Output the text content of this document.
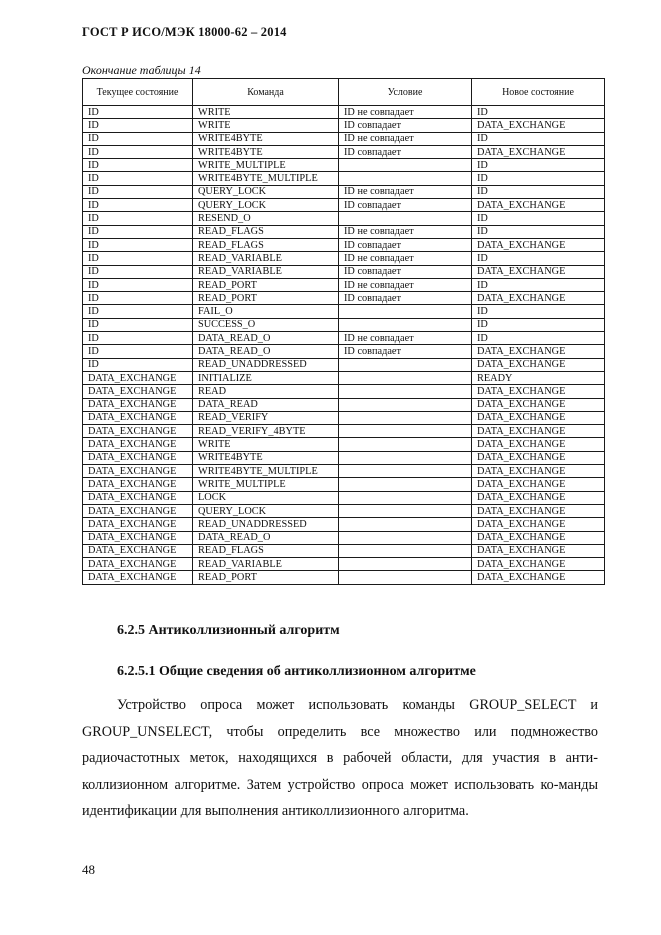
ГОСТ Р ИСО/МЭК 18000-62 – 2014
Окончание таблицы 14
Текущее состояние	Команда	Условие	Новое состояние
ID	WRITE	ID не совпадает	ID
ID	WRITE	ID совпадает	DATA_EXCHANGE
ID	WRITE4BYTE	ID не совпадает	ID
ID	WRITE4BYTE	ID совпадает	DATA_EXCHANGE
ID	WRITE_MULTIPLE		ID
ID	WRITE4BYTE_MULTIPLE		ID
ID	QUERY_LOCK	ID не совпадает	ID
ID	QUERY_LOCK	ID совпадает	DATA_EXCHANGE
ID	RESEND_O		ID
ID	READ_FLAGS	ID не совпадает	ID
ID	READ_FLAGS	ID совпадает	DATA_EXCHANGE
ID	READ_VARIABLE	ID не совпадает	ID
ID	READ_VARIABLE	ID совпадает	DATA_EXCHANGE
ID	READ_PORT	ID не совпадает	ID
ID	READ_PORT	ID совпадает	DATA_EXCHANGE
ID	FAIL_O		ID
ID	SUCCESS_O		ID
ID	DATA_READ_O	ID не совпадает	ID
ID	DATA_READ_O	ID совпадает	DATA_EXCHANGE
ID	READ_UNADDRESSED		DATA_EXCHANGE
DATA_EXCHANGE	INITIALIZE		READY
DATA_EXCHANGE	READ		DATA_EXCHANGE
DATA_EXCHANGE	DATA_READ		DATA_EXCHANGE
DATA_EXCHANGE	READ_VERIFY		DATA_EXCHANGE
DATA_EXCHANGE	READ_VERIFY_4BYTE		DATA_EXCHANGE
DATA_EXCHANGE	WRITE		DATA_EXCHANGE
DATA_EXCHANGE	WRITE4BYTE		DATA_EXCHANGE
DATA_EXCHANGE	WRITE4BYTE_MULTIPLE		DATA_EXCHANGE
DATA_EXCHANGE	WRITE_MULTIPLE		DATA_EXCHANGE
DATA_EXCHANGE	LOCK		DATA_EXCHANGE
DATA_EXCHANGE	QUERY_LOCK		DATA_EXCHANGE
DATA_EXCHANGE	READ_UNADDRESSED		DATA_EXCHANGE
DATA_EXCHANGE	DATA_READ_O		DATA_EXCHANGE
DATA_EXCHANGE	READ_FLAGS		DATA_EXCHANGE
DATA_EXCHANGE	READ_VARIABLE		DATA_EXCHANGE
DATA_EXCHANGE	READ_PORT		DATA_EXCHANGE
6.2.5 Антиколлизионный алгоритм
6.2.5.1 Общие сведения об антиколлизионном алгоритме
Устройство опроса может использовать команды GROUP_SELECT и GROUP_UNSELECT, чтобы определить все множество или подмножество радиочастотных меток, находящихся в рабочей области, для участия в анти-коллизионном алгоритме. Затем устройство опроса может использовать ко-манды идентификации для выполнения антиколлизионного алгоритма.
48
